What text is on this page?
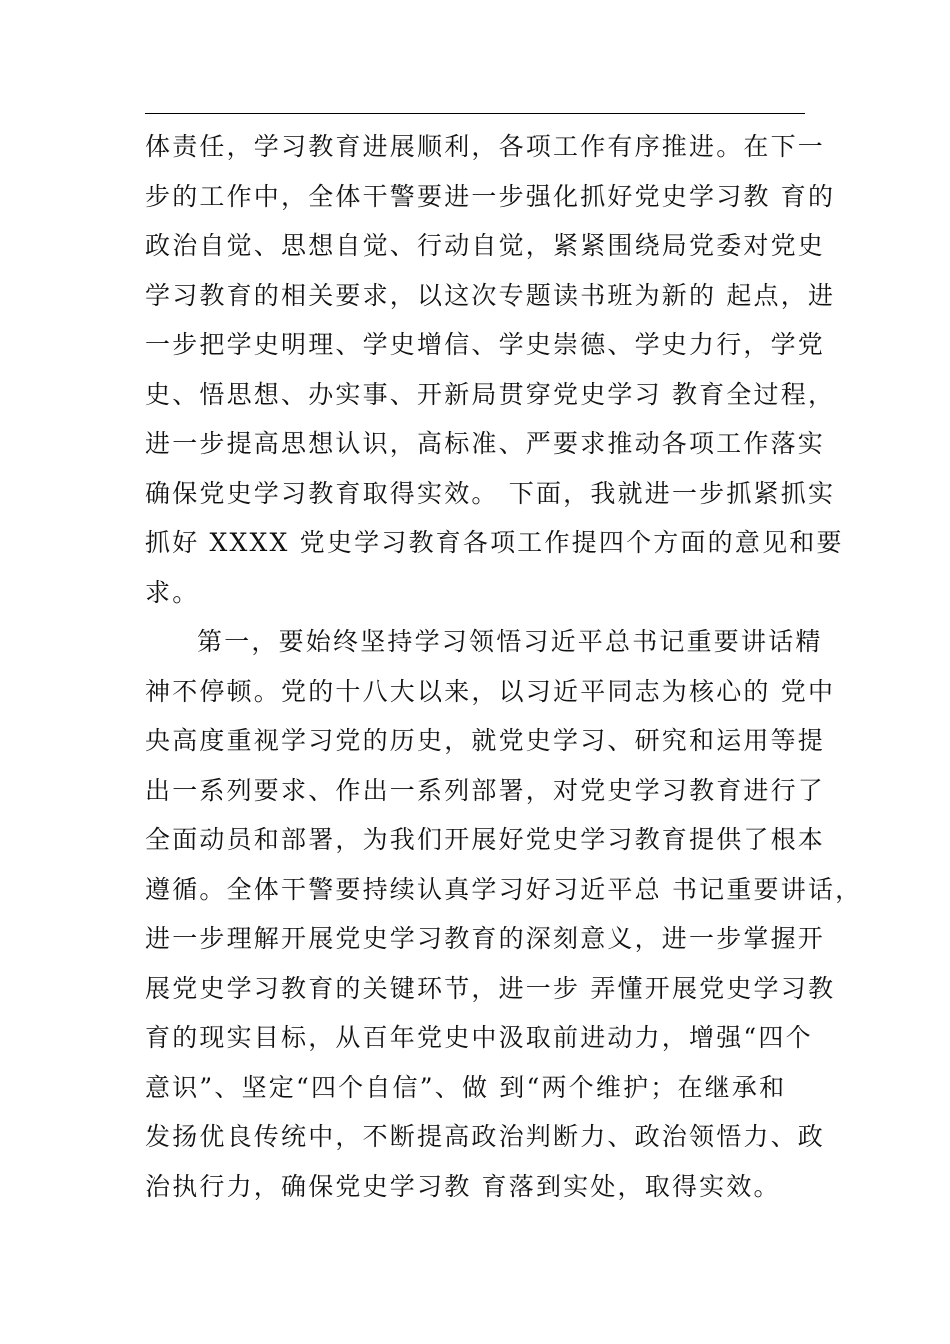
体责任，学习教育进展顺利，各项工作有序推进。在下一
步的工作中，全体干警要进一步强化抓好党史学习教 育的
政治自觉、思想自觉、行动自觉，紧紧围绕局党委对党史
学习教育的相关要求，以这次专题读书班为新的 起点，进
一步把学史明理、学史增信、学史崇德、学史力行，学党
史、悟思想、办实事、开新局贯穿党史学习 教育全过程，
进一步提高思想认识，高标准、严要求推动各项工作落实
确保党史学习教育取得实效。 下面，我就进一步抓紧抓实
抓好 XXXX 党史学习教育各项工作提四个方面的意见和要
求。
第一，要始终坚持学习领悟习近平总书记重要讲话精
神不停顿。党的十八大以来，以习近平同志为核心的 党中
央高度重视学习党的历史，就党史学习、研究和运用等提
出一系列要求、作出一系列部署，对党史学习教育进行了
全面动员和部署，为我们开展好党史学习教育提供了根本
遵循。全体干警要持续认真学习好习近平总 书记重要讲话，
进一步理解开展党史学习教育的深刻意义，进一步掌握开
展党史学习教育的关键环节，进一步 弄懂开展党史学习教
育的现实目标，从百年党史中汲取前进动力，增强“四个
意识”、坚定“四个自信”、做 到“两个维护；在继承和
发扬优良传统中，不断提高政治判断力、政治领悟力、政
治执行力，确保党史学习教 育落到实处，取得实效。
